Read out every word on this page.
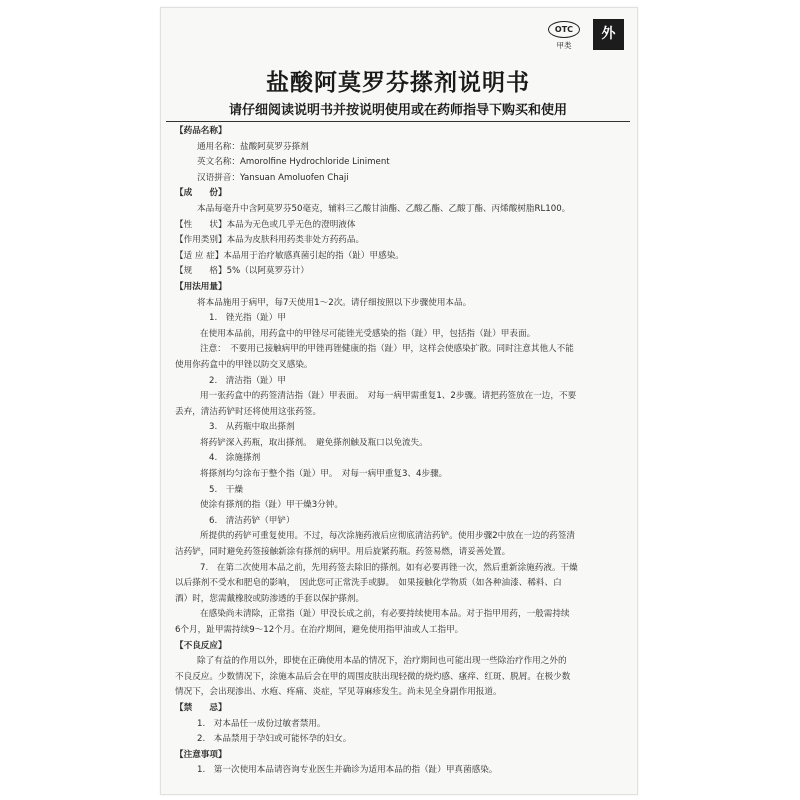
OTC
甲类
外
盐酸阿莫罗芬搽剂说明书
请仔细阅读说明书并按说明使用或在药师指导下购买和使用
【药品名称】
通用名称：盐酸阿莫罗芬搽剂
英文名称：Amorolfine Hydrochloride Liniment
汉语拼音：Yansuan Amoluofen Chaji
【成　　份】
本品每毫升中含阿莫罗芬50毫克，辅料三乙酸甘油酯、乙酸乙酯、乙酸丁酯、丙烯酸树脂RL100。
【性　　状】本品为无色或几乎无色的澄明液体
【作用类别】本品为皮肤科用药类非处方药药品。
【适 应 症】本品用于治疗敏感真菌引起的指（趾）甲感染。
【规　　格】5%（以阿莫罗芬计）
【用法用量】
将本品施用于病甲，每7天使用1～2次。请仔细按照以下步骤使用本品。
1.　锉光指（趾）甲
在使用本品前，用药盒中的甲锉尽可能锉光受感染的指（趾）甲，包括指（趾）甲表面。
注意：　不要用已接触病甲的甲锉再锉健康的指（趾）甲，这样会使感染扩散。同时注意其他人不能
使用你药盒中的甲锉以防交叉感染。
2.　清洁指（趾）甲
用一张药盒中的药签清洁指（趾）甲表面。　对每一病甲需重复1、2步骤。请把药签放在一边，不要
丢弃，清洁药铲时还将使用这张药签。
3.　从药瓶中取出搽剂
将药铲深入药瓶，取出搽剂。　避免搽剂触及瓶口以免流失。
4.　涂施搽剂
将搽剂均匀涂布于整个指（趾）甲。　对每一病甲重复3、4步骤。
5.　干燥
使涂有搽剂的指（趾）甲干燥3分钟。
6.　清洁药铲（甲铲）
所提供的药铲可重复使用。不过，每次涂施药液后应彻底清洁药铲。使用步骤2中放在一边的药签清
洁药铲，同时避免药签接触新涂有搽剂的病甲。用后旋紧药瓶。药签易燃，请妥善处置。
7.　在第二次使用本品之前，先用药签去除旧的搽剂。如有必要再锉一次，然后重新涂施药液。干燥
以后搽剂不受水和肥皂的影响，　因此您可正常洗手或脚。　如果接触化学物质（如各种油漆、稀料、白
酒）时，您需戴橡胶或防渗透的手套以保护搽剂。
在感染尚未清除，正常指（趾）甲没长成之前，有必要持续使用本品。对于指甲用药，一般需持续
6个月，趾甲需持续9～12个月。在治疗期间，避免使用指甲油或人工指甲。
【不良反应】
除了有益的作用以外，即使在正确使用本品的情况下，治疗期间也可能出现一些除治疗作用之外的
不良反应。少数情况下，涂施本品后会在甲的周围皮肤出现轻微的烧灼感、瘙痒、红斑、脱屑。在极少数
情况下，会出现渗出、水疱、疼痛、炎症，罕见荨麻疹发生。尚未见全身副作用报道。
【禁　　忌】
1.　对本品任一成份过敏者禁用。
2.　本品禁用于孕妇或可能怀孕的妇女。
【注意事项】
1.　第一次使用本品请咨询专业医生并确诊为适用本品的指（趾）甲真菌感染。
